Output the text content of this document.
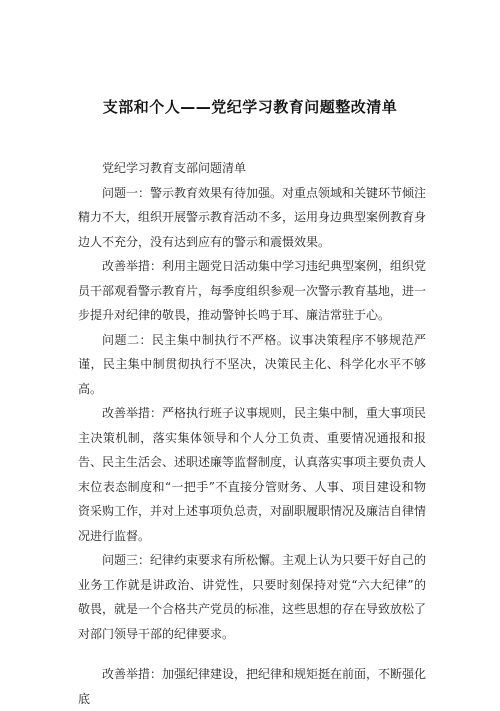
支部和个人——党纪学习教育问题整改清单

党纪学习教育支部问题清单

问题一：警示教育效果有待加强。对重点领域和关键环节倾注精力不大，组织开展警示教育活动不多，运用身边典型案例教育身边人不充分，没有达到应有的警示和震慑效果。

改善举措：利用主题党日活动集中学习违纪典型案例，组织党员干部观看警示教育片，每季度组织参观一次警示教育基地，进一步提升对纪律的敬畏，推动警钟长鸣于耳、廉洁常驻于心。

问题二：民主集中制执行不严格。议事决策程序不够规范严谨，民主集中制贯彻执行不坚决，决策民主化、科学化水平不够高。

改善举措：严格执行班子议事规则，民主集中制，重大事项民主决策机制，落实集体领导和个人分工负责、重要情况通报和报告、民主生活会、述职述廉等监督制度，认真落实事项主要负责人末位表态制度和“一把手”不直接分管财务、人事、项目建设和物资采购工作，并对上述事项负总责，对副职履职情况及廉洁自律情况进行监督。

问题三：纪律约束要求有所松懈。主观上认为只要干好自己的业务工作就是讲政治、讲党性，只要时刻保持对党“六大纪律”的敬畏，就是一个合格共产党员的标准，这些思想的存在导致放松了对部门领导干部的纪律要求。

改善举措：加强纪律建设，把纪律和规矩挺在前面，不断强化底
